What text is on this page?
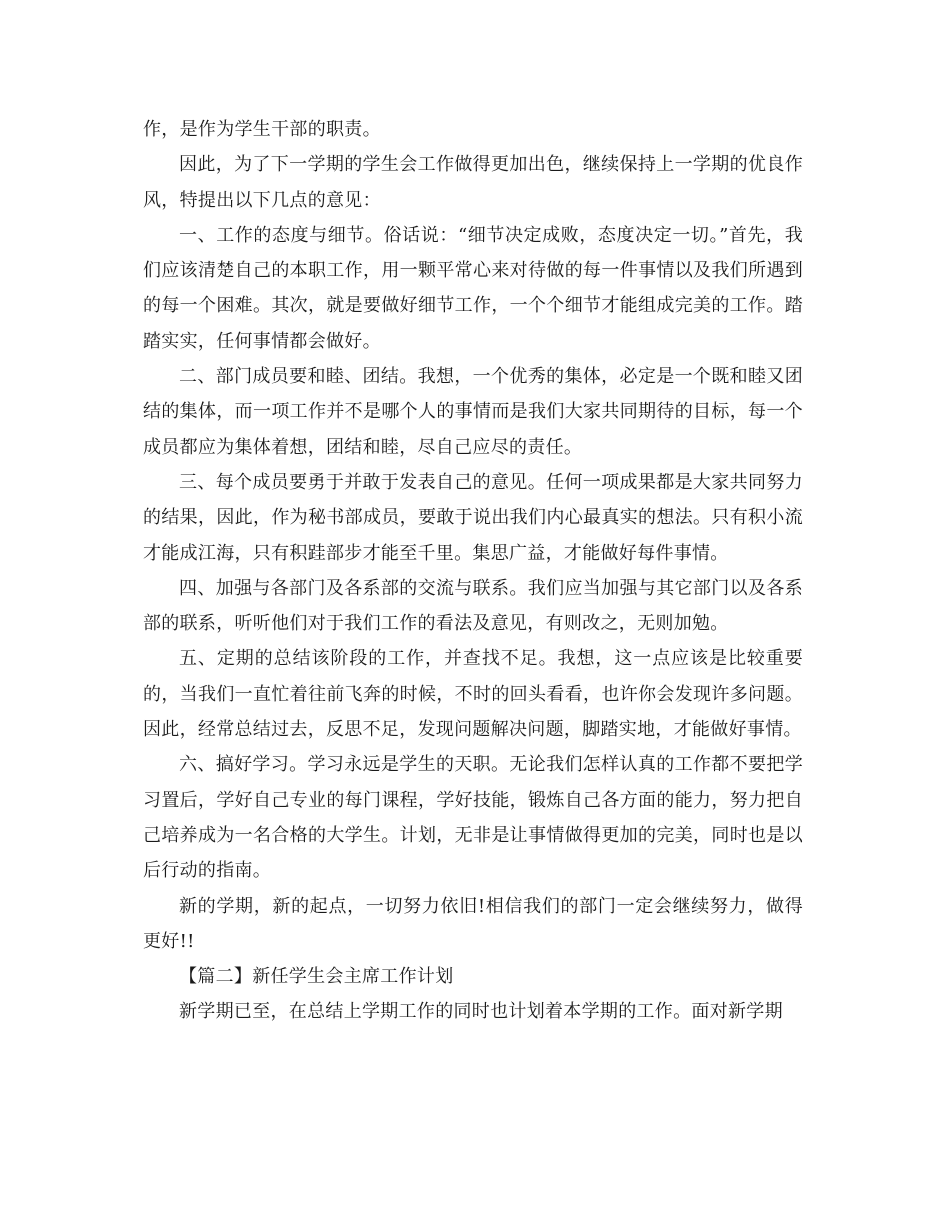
作，是作为学生干部的职责。

因此，为了下一学期的学生会工作做得更加出色，继续保持上一学期的优良作风，特提出以下几点的意见：

一、工作的态度与细节。俗话说：“细节决定成败，态度决定一切。”首先，我们应该清楚自己的本职工作，用一颗平常心来对待做的每一件事情以及我们所遇到的每一个困难。其次，就是要做好细节工作，一个个细节才能组成完美的工作。踏踏实实，任何事情都会做好。

二、部门成员要和睦、团结。我想，一个优秀的集体，必定是一个既和睦又团结的集体，而一项工作并不是哪个人的事情而是我们大家共同期待的目标，每一个成员都应为集体着想，团结和睦，尽自己应尽的责任。

三、每个成员要勇于并敢于发表自己的意见。任何一项成果都是大家共同努力的结果，因此，作为秘书部成员，要敢于说出我们内心最真实的想法。只有积小流才能成江海，只有积跬部步才能至千里。集思广益，才能做好每件事情。

四、加强与各部门及各系部的交流与联系。我们应当加强与其它部门以及各系部的联系，听听他们对于我们工作的看法及意见，有则改之，无则加勉。

五、定期的总结该阶段的工作，并查找不足。我想，这一点应该是比较重要的，当我们一直忙着往前飞奔的时候，不时的回头看看，也许你会发现许多问题。因此，经常总结过去，反思不足，发现问题解决问题，脚踏实地，才能做好事情。

六、搞好学习。学习永远是学生的天职。无论我们怎样认真的工作都不要把学习置后，学好自己专业的每门课程，学好技能，锻炼自己各方面的能力，努力把自己培养成为一名合格的大学生。计划，无非是让事情做得更加的完美，同时也是以后行动的指南。

新的学期，新的起点，一切努力依旧!相信我们的部门一定会继续努力，做得更好!!

【篇二】新任学生会主席工作计划

新学期已至，在总结上学期工作的同时也计划着本学期的工作。面对新学期
